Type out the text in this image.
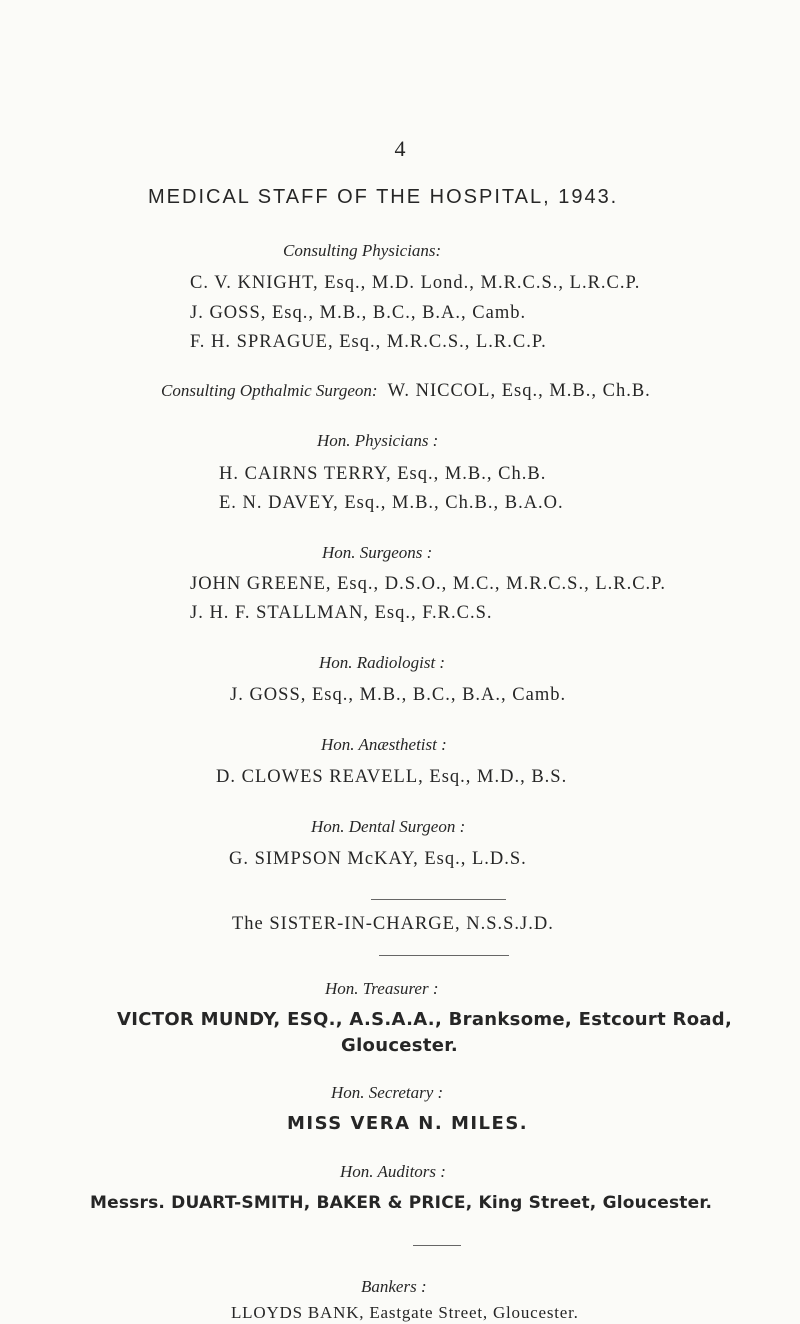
4
MEDICAL STAFF OF THE HOSPITAL, 1943.
Consulting Physicians:
C. V. KNIGHT, Esq., M.D. Lond., M.R.C.S., L.R.C.P.
J. GOSS, Esq., M.B., B.C., B.A., Camb.
F. H. SPRAGUE, Esq., M.R.C.S., L.R.C.P.
Consulting Opthalmic Surgeon: W. NICCOL, Esq., M.B., Ch.B.
Hon. Physicians :
H. CAIRNS TERRY, Esq., M.B., Ch.B.
E. N. DAVEY, Esq., M.B., Ch.B., B.A.O.
Hon. Surgeons :
JOHN GREENE, Esq., D.S.O., M.C., M.R.C.S., L.R.C.P.
J. H. F. STALLMAN, Esq., F.R.C.S.
Hon. Radiologist :
J. GOSS, Esq., M.B., B.C., B.A., Camb.
Hon. Anæsthetist :
D. CLOWES REAVELL, Esq., M.D., B.S.
Hon. Dental Surgeon :
G. SIMPSON McKAY, Esq., L.D.S.
The SISTER-IN-CHARGE, N.S.S.J.D.
Hon. Treasurer :
VICTOR MUNDY, ESQ., A.S.A.A., Branksome, Estcourt Road,
Gloucester.
Hon. Secretary :
MISS VERA N. MILES.
Hon. Auditors :
Messrs. DUART-SMITH, BAKER & PRICE, King Street, Gloucester.
Bankers :
LLOYDS BANK, Eastgate Street, Gloucester.
